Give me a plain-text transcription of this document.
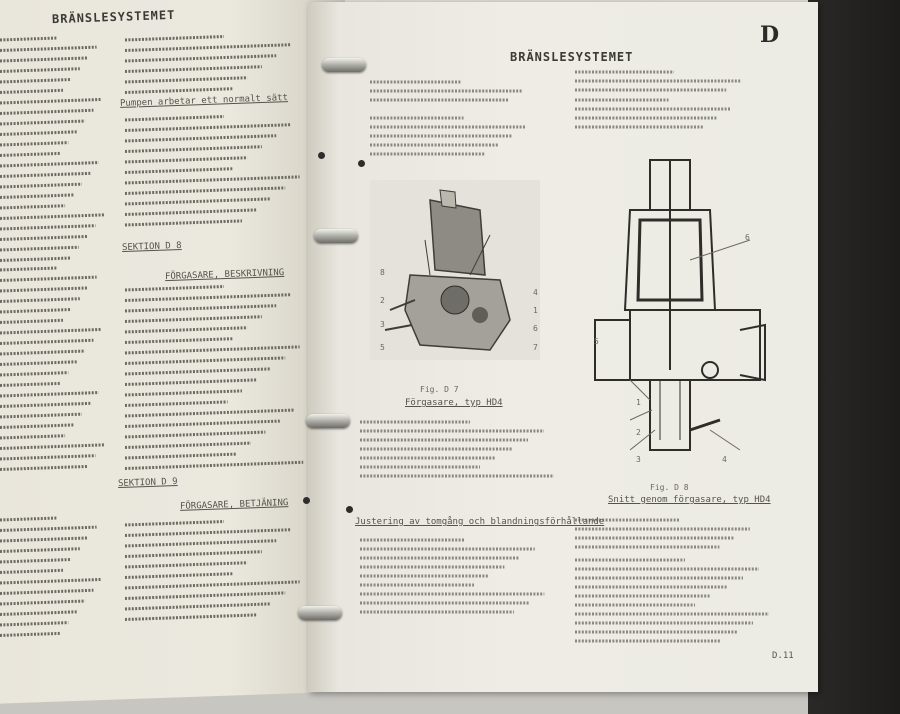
BRÄNSLESYSTEMET
Pumpen arbetar ett normalt sätt
SEKTION D 8
FÖRGASARE, BESKRIVNING
SEKTION D 9
FÖRGASARE, BETJÄNING
D
BRÄNSLESYSTEMET
8
2
3
5
4
1
6
7
Fig. D 7
Förgasare, typ HD4
6
5
1
2
3	4
Fig. D 8
Snitt genom förgasare, typ HD4
Justering av tomgång och blandningsförhållande
D.11
